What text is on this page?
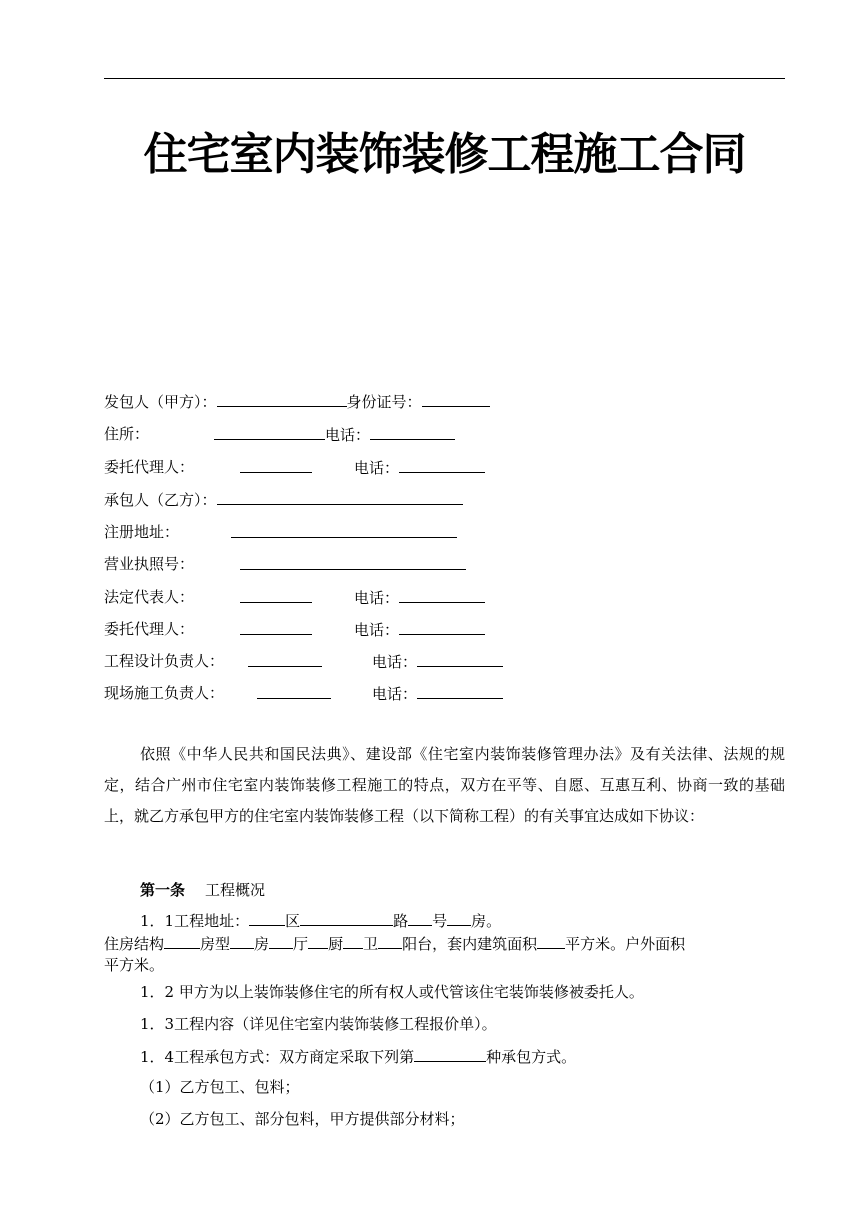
住宅室内装饰装修工程施工合同
发包人（甲方）：	身份证号：
住所：	电话：
委托代理人：	电话：
承包人（乙方）：
注册地址：
营业执照号：
法定代表人：	电话：
委托代理人：	电话：
工程设计负责人：	电话：
现场施工负责人：	电话：
依照《中华人民共和国民法典》、建设部《住宅室内装饰装修管理办法》及有关法律、法规的规定，结合广州市住宅室内装饰装修工程施工的特点，双方在平等、自愿、互惠互利、协商一致的基础上，就乙方承包甲方的住宅室内装饰装修工程（以下简称工程）的有关事宜达成如下协议：
第一条 工程概况
1．1工程地址： 区	路 号 房。
住房结构 房型 房 厅 厨 卫 阳台，套内建筑面积 平方米。户外面积
平方米。
1．2 甲方为以上装饰装修住宅的所有权人或代管该住宅装饰装修被委托人。
1．3工程内容（详见住宅室内装饰装修工程报价单）。
1．4工程承包方式：双方商定采取下列第	种承包方式。
（1）乙方包工、包料；
（2）乙方包工、部分包料，甲方提供部分材料；
